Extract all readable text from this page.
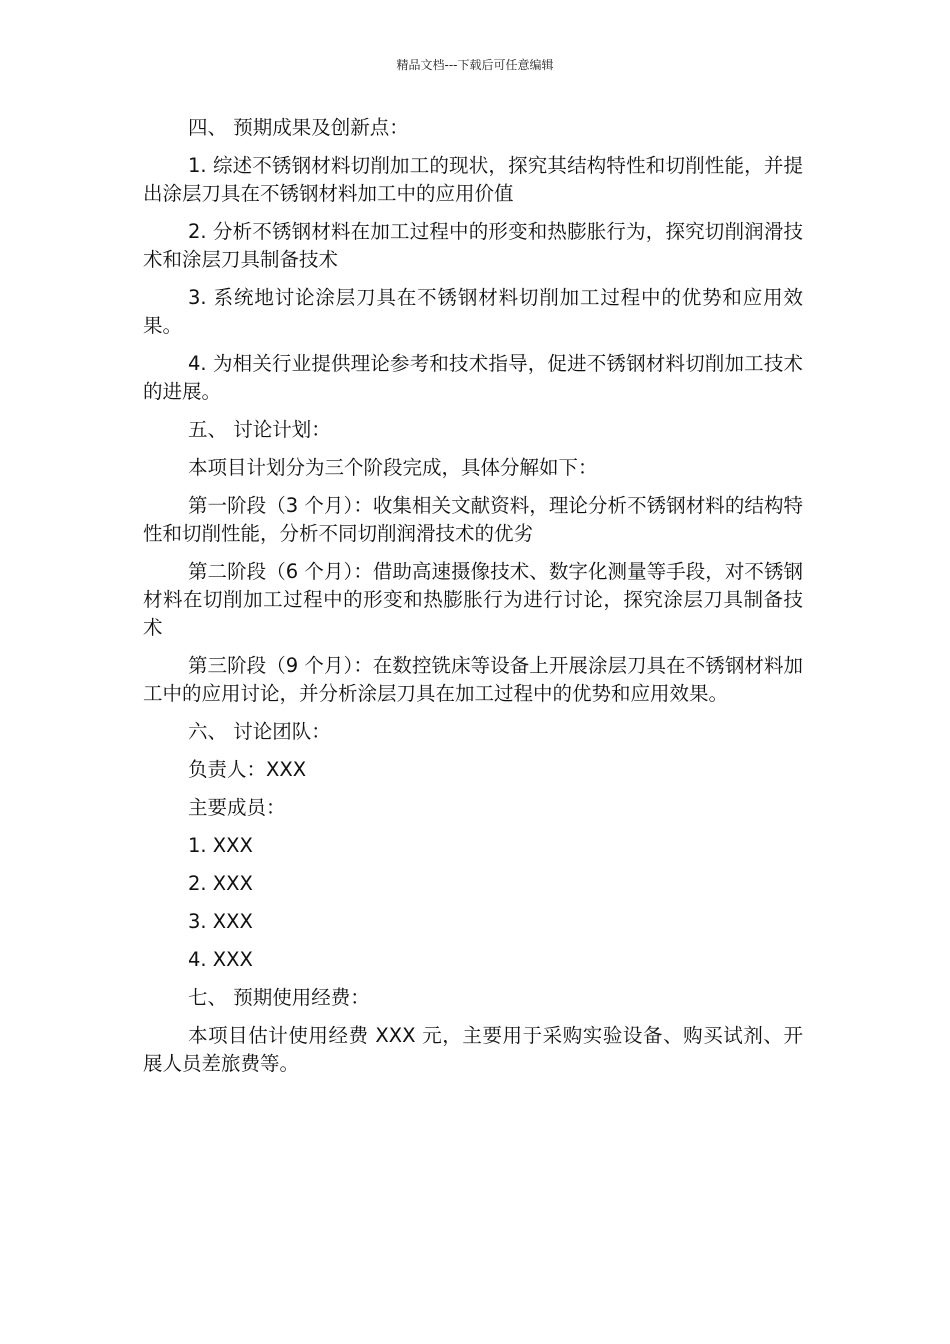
精品文档---下载后可任意编辑

四、 预期成果及创新点：

1. 综述不锈钢材料切削加工的现状，探究其结构特性和切削性能，并提出涂层刀具在不锈钢材料加工中的应用价值

2. 分析不锈钢材料在加工过程中的形变和热膨胀行为，探究切削润滑技术和涂层刀具制备技术

3. 系统地讨论涂层刀具在不锈钢材料切削加工过程中的优势和应用效果。

4. 为相关行业提供理论参考和技术指导，促进不锈钢材料切削加工技术的进展。

五、 讨论计划：

本项目计划分为三个阶段完成，具体分解如下：

第一阶段（3 个月）：收集相关文献资料，理论分析不锈钢材料的结构特性和切削性能，分析不同切削润滑技术的优劣

第二阶段（6 个月）：借助高速摄像技术、数字化测量等手段，对不锈钢材料在切削加工过程中的形变和热膨胀行为进行讨论，探究涂层刀具制备技术

第三阶段（9 个月）：在数控铣床等设备上开展涂层刀具在不锈钢材料加工中的应用讨论，并分析涂层刀具在加工过程中的优势和应用效果。

六、 讨论团队：

负责人：XXX

主要成员：

1. XXX

2. XXX

3. XXX

4. XXX

七、 预期使用经费：

本项目估计使用经费 XXX 元，主要用于采购实验设备、购买试剂、开展人员差旅费等。
